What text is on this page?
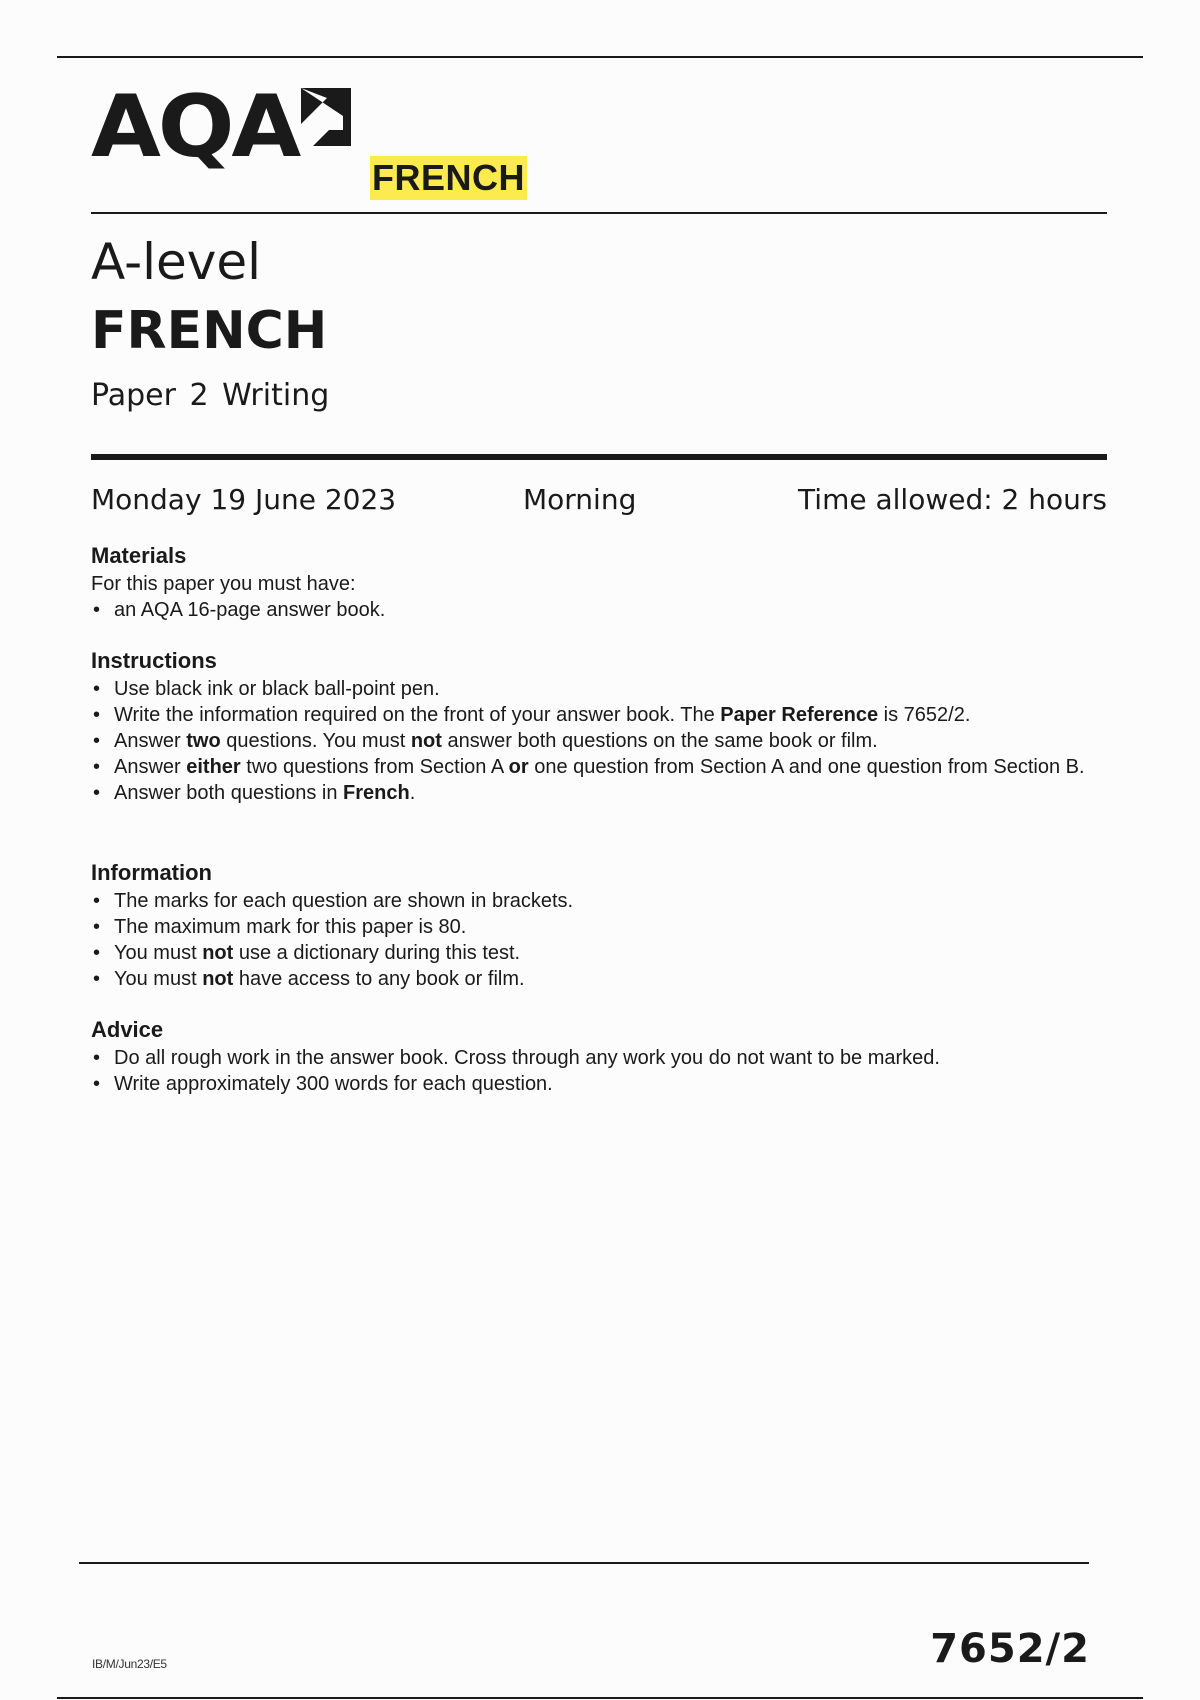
AQA
FRENCH
A-level
FRENCH
Paper 2 Writing
Monday 19 June 2023	Morning	Time allowed: 2 hours
Materials

For this paper you must have:

• an AQA 16-page answer book.
Instructions
• Use black ink or black ball-point pen.
• Write the information required on the front of your answer book. The Paper Reference is 7652/2.
• Answer two questions. You must not answer both questions on the same book or film.
• Answer either two questions from Section A or one question from Section A and one question from Section B.
• Answer both questions in French.
Information
• The marks for each question are shown in brackets.
• The maximum mark for this paper is 80.
• You must not use a dictionary during this test.
• You must not have access to any book or film.
Advice
• Do all rough work in the answer book. Cross through any work you do not want to be marked.
• Write approximately 300 words for each question.
IB/M/Jun23/E5	7652/2
